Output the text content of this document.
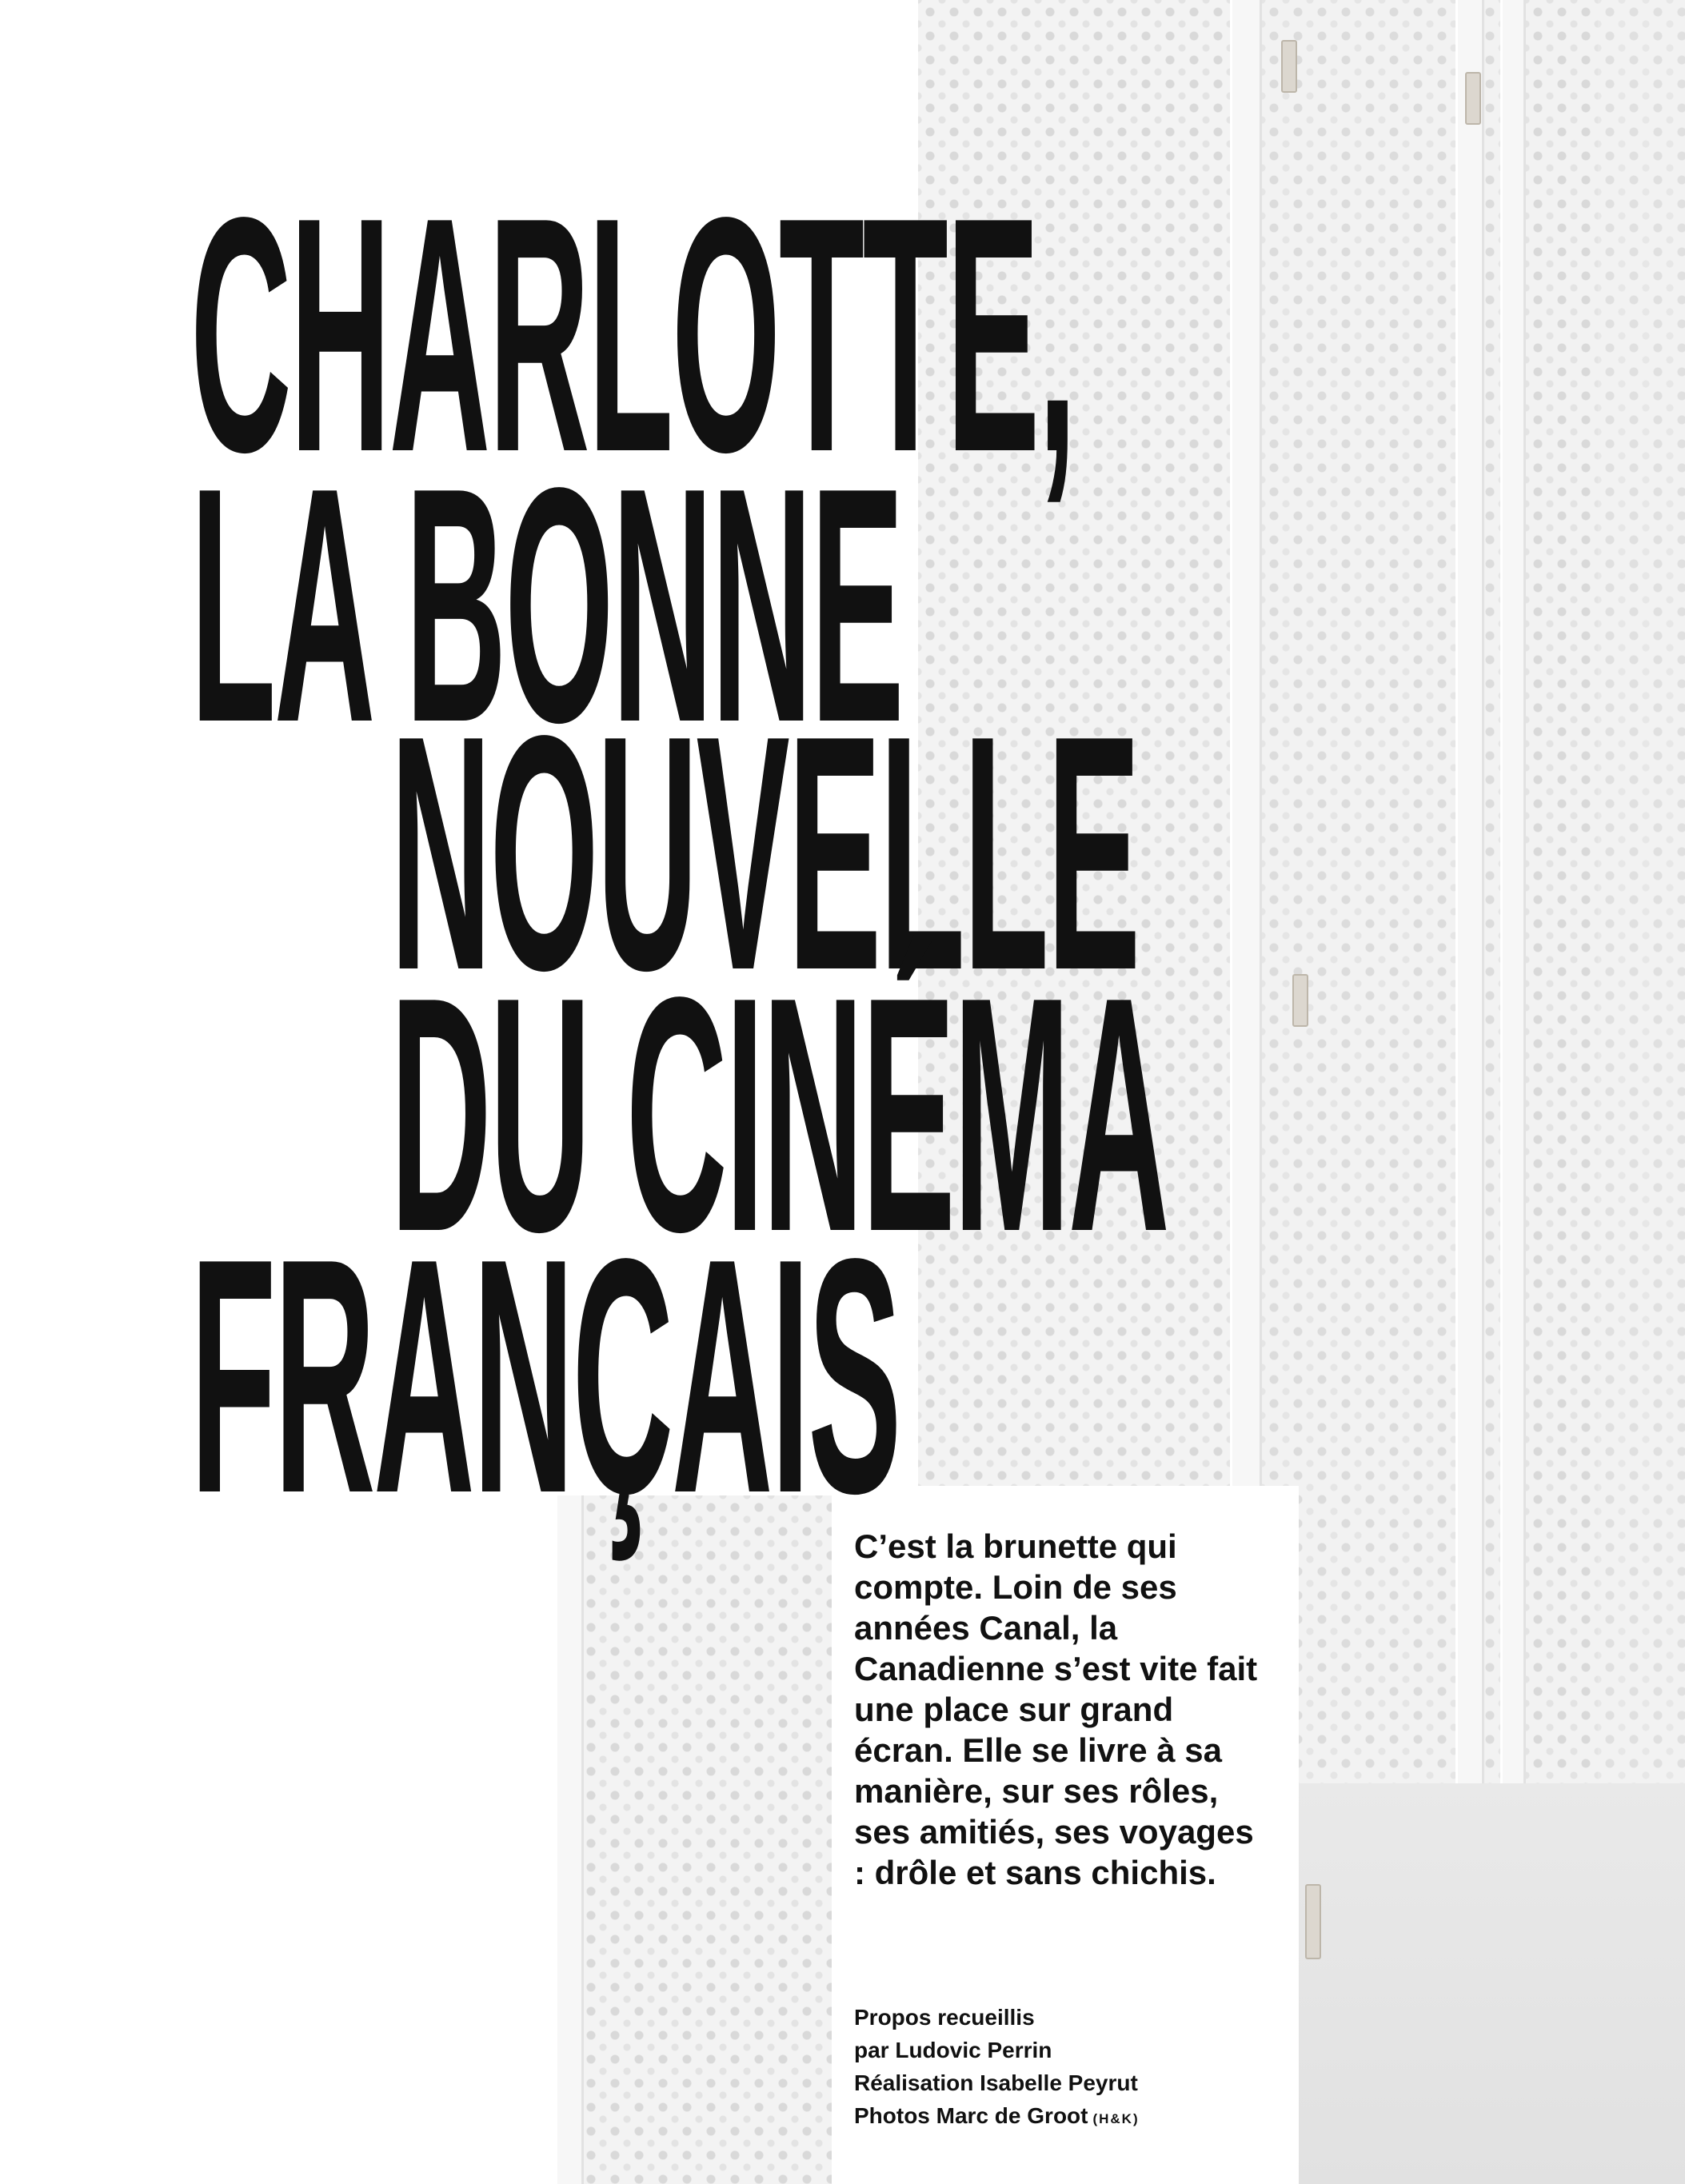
CHARLOTTE,
LA BONNE
NOUVELLE
DU CINÉMA
FRANÇAIS

C’est la brunette qui compte. Loin de ses années Canal, la Canadienne s’est vite fait une place sur grand écran. Elle se livre à sa manière, sur ses rôles, ses amitiés, ses voyages : drôle et sans chichis.

Propos recueillis
par Ludovic Perrin
Réalisation Isabelle Peyrut
Photos Marc de Groot (H&K)
